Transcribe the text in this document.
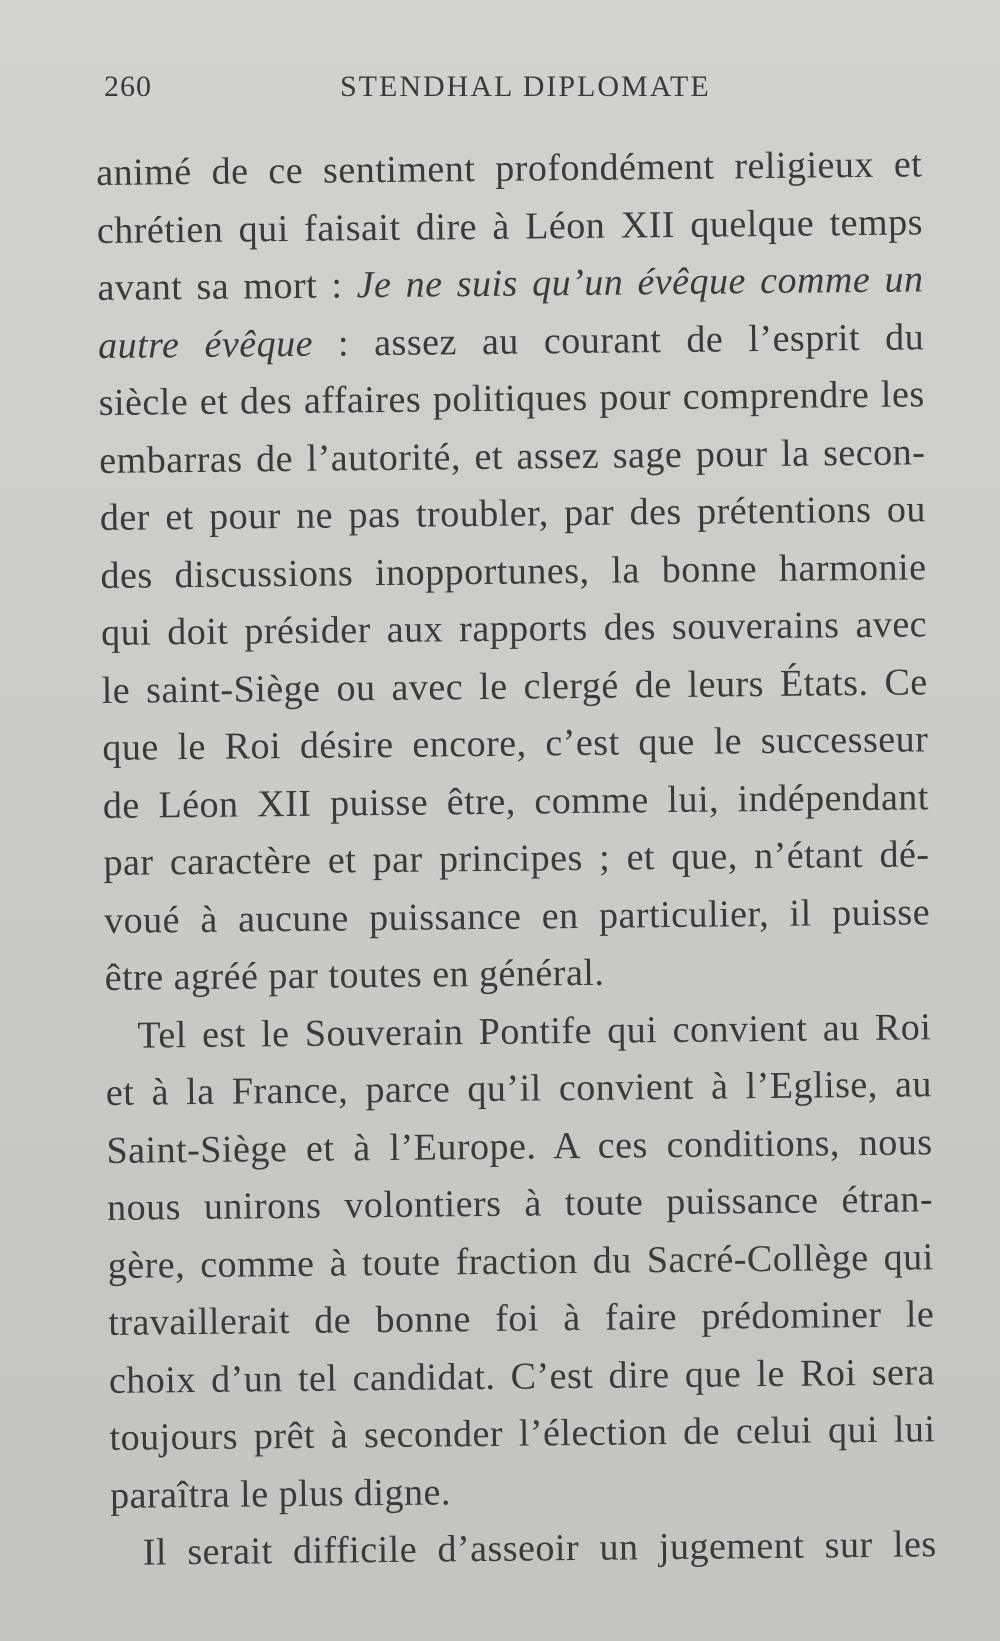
260	STENDHAL DIPLOMATE
animé de ce sentiment profondément religieux et
chrétien qui faisait dire à Léon XII quelque temps
avant sa mort : Je ne suis qu’un évêque comme un
autre évêque : assez au courant de l’esprit du
siècle et des affaires politiques pour comprendre les
embarras de l’autorité, et assez sage pour la secon-
der et pour ne pas troubler, par des prétentions ou
des discussions inopportunes, la bonne harmonie
qui doit présider aux rapports des souverains avec
le saint-Siège ou avec le clergé de leurs États. Ce
que le Roi désire encore, c’est que le successeur
de Léon XII puisse être, comme lui, indépendant
par caractère et par principes ; et que, n’étant dé-
voué à aucune puissance en particulier, il puisse
être agréé par toutes en général.
Tel est le Souverain Pontife qui convient au Roi
et à la France, parce qu’il convient à l’Eglise, au
Saint-Siège et à l’Europe. A ces conditions, nous
nous unirons volontiers à toute puissance étran-
gère, comme à toute fraction du Sacré-Collège qui
travaillerait de bonne foi à faire prédominer le
choix d’un tel candidat. C’est dire que le Roi sera
toujours prêt à seconder l’élection de celui qui lui
paraîtra le plus digne.
Il serait difficile d’asseoir un jugement sur les
